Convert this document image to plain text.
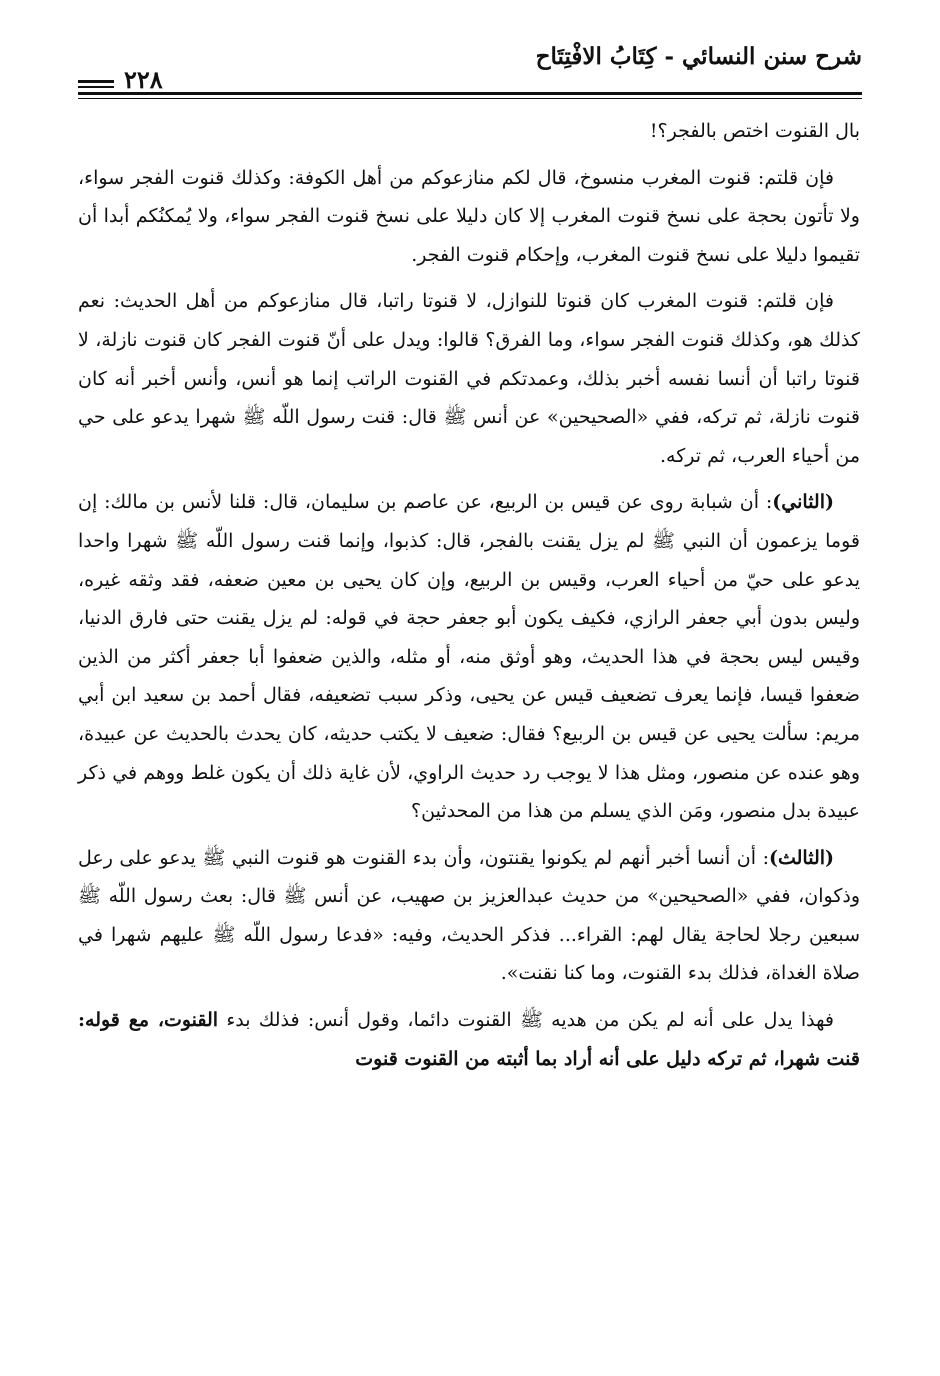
شرح سنن النسائي - كِتَابُ الافْتِتَاح
٢٢٨

بال القنوت اختص بالفجر؟!

فإن قلتم: قنوت المغرب منسوخ، قال لكم منازعوكم من أهل الكوفة: وكذلك قنوت الفجر سواء، ولا تأتون بحجة على نسخ قنوت المغرب إلا كان دليلا على نسخ قنوت الفجر سواء، ولا يُمكنُكم أبدا أن تقيموا دليلا على نسخ قنوت المغرب، وإحكام قنوت الفجر.

فإن قلتم: قنوت المغرب كان قنوتا للنوازل، لا قنوتا راتبا، قال منازعوكم من أهل الحديث: نعم كذلك هو، وكذلك قنوت الفجر سواء، وما الفرق؟ قالوا: ويدل على أنّ قنوت الفجر كان قنوت نازلة، لا قنوتا راتبا أن أنسا نفسه أخبر بذلك، وعمدتكم في القنوت الراتب إنما هو أنس، وأنس أخبر أنه كان قنوت نازلة، ثم تركه، ففي «الصحيحين» عن أنس ﷺ قال: قنت رسول اللّه ﷺ شهرا يدعو على حي من أحياء العرب، ثم تركه.

(الثاني): أن شبابة روى عن قيس بن الربيع، عن عاصم بن سليمان، قال: قلنا لأنس بن مالك: إن قوما يزعمون أن النبي ﷺ لم يزل يقنت بالفجر، قال: كذبوا، وإنما قنت رسول اللّه ﷺ شهرا واحدا يدعو على حيّ من أحياء العرب، وقيس بن الربيع، وإن كان يحيى بن معين ضعفه، فقد وثقه غيره، وليس بدون أبي جعفر الرازي، فكيف يكون أبو جعفر حجة في قوله: لم يزل يقنت حتى فارق الدنيا، وقيس ليس بحجة في هذا الحديث، وهو أوثق منه، أو مثله، والذين ضعفوا أبا جعفر أكثر من الذين ضعفوا قيسا، فإنما يعرف تضعيف قيس عن يحيى، وذكر سبب تضعيفه، فقال أحمد بن سعيد ابن أبي مريم: سألت يحيى عن قيس بن الربيع؟ فقال: ضعيف لا يكتب حديثه، كان يحدث بالحديث عن عبيدة، وهو عنده عن منصور، ومثل هذا لا يوجب رد حديث الراوي، لأن غاية ذلك أن يكون غلط ووهم في ذكر عبيدة بدل منصور، ومَن الذي يسلم من هذا من المحدثين؟

(الثالث): أن أنسا أخبر أنهم لم يكونوا يقنتون، وأن بدء القنوت هو قنوت النبي ﷺ يدعو على رعل وذكوان، ففي «الصحيحين» من حديث عبدالعزيز بن صهيب، عن أنس ﷺ قال: بعث رسول اللّه ﷺ سبعين رجلا لحاجة يقال لهم: القراء... فذكر الحديث، وفيه: «فدعا رسول اللّه ﷺ عليهم شهرا في صلاة الغداة، فذلك بدء القنوت، وما كنا نقنت».

فهذا يدل على أنه لم يكن من هديه ﷺ القنوت دائما، وقول أنس: فذلك بدء القنوت، مع قوله: قنت شهرا، ثم تركه دليل على أنه أراد بما أثبته من القنوت قنوت
